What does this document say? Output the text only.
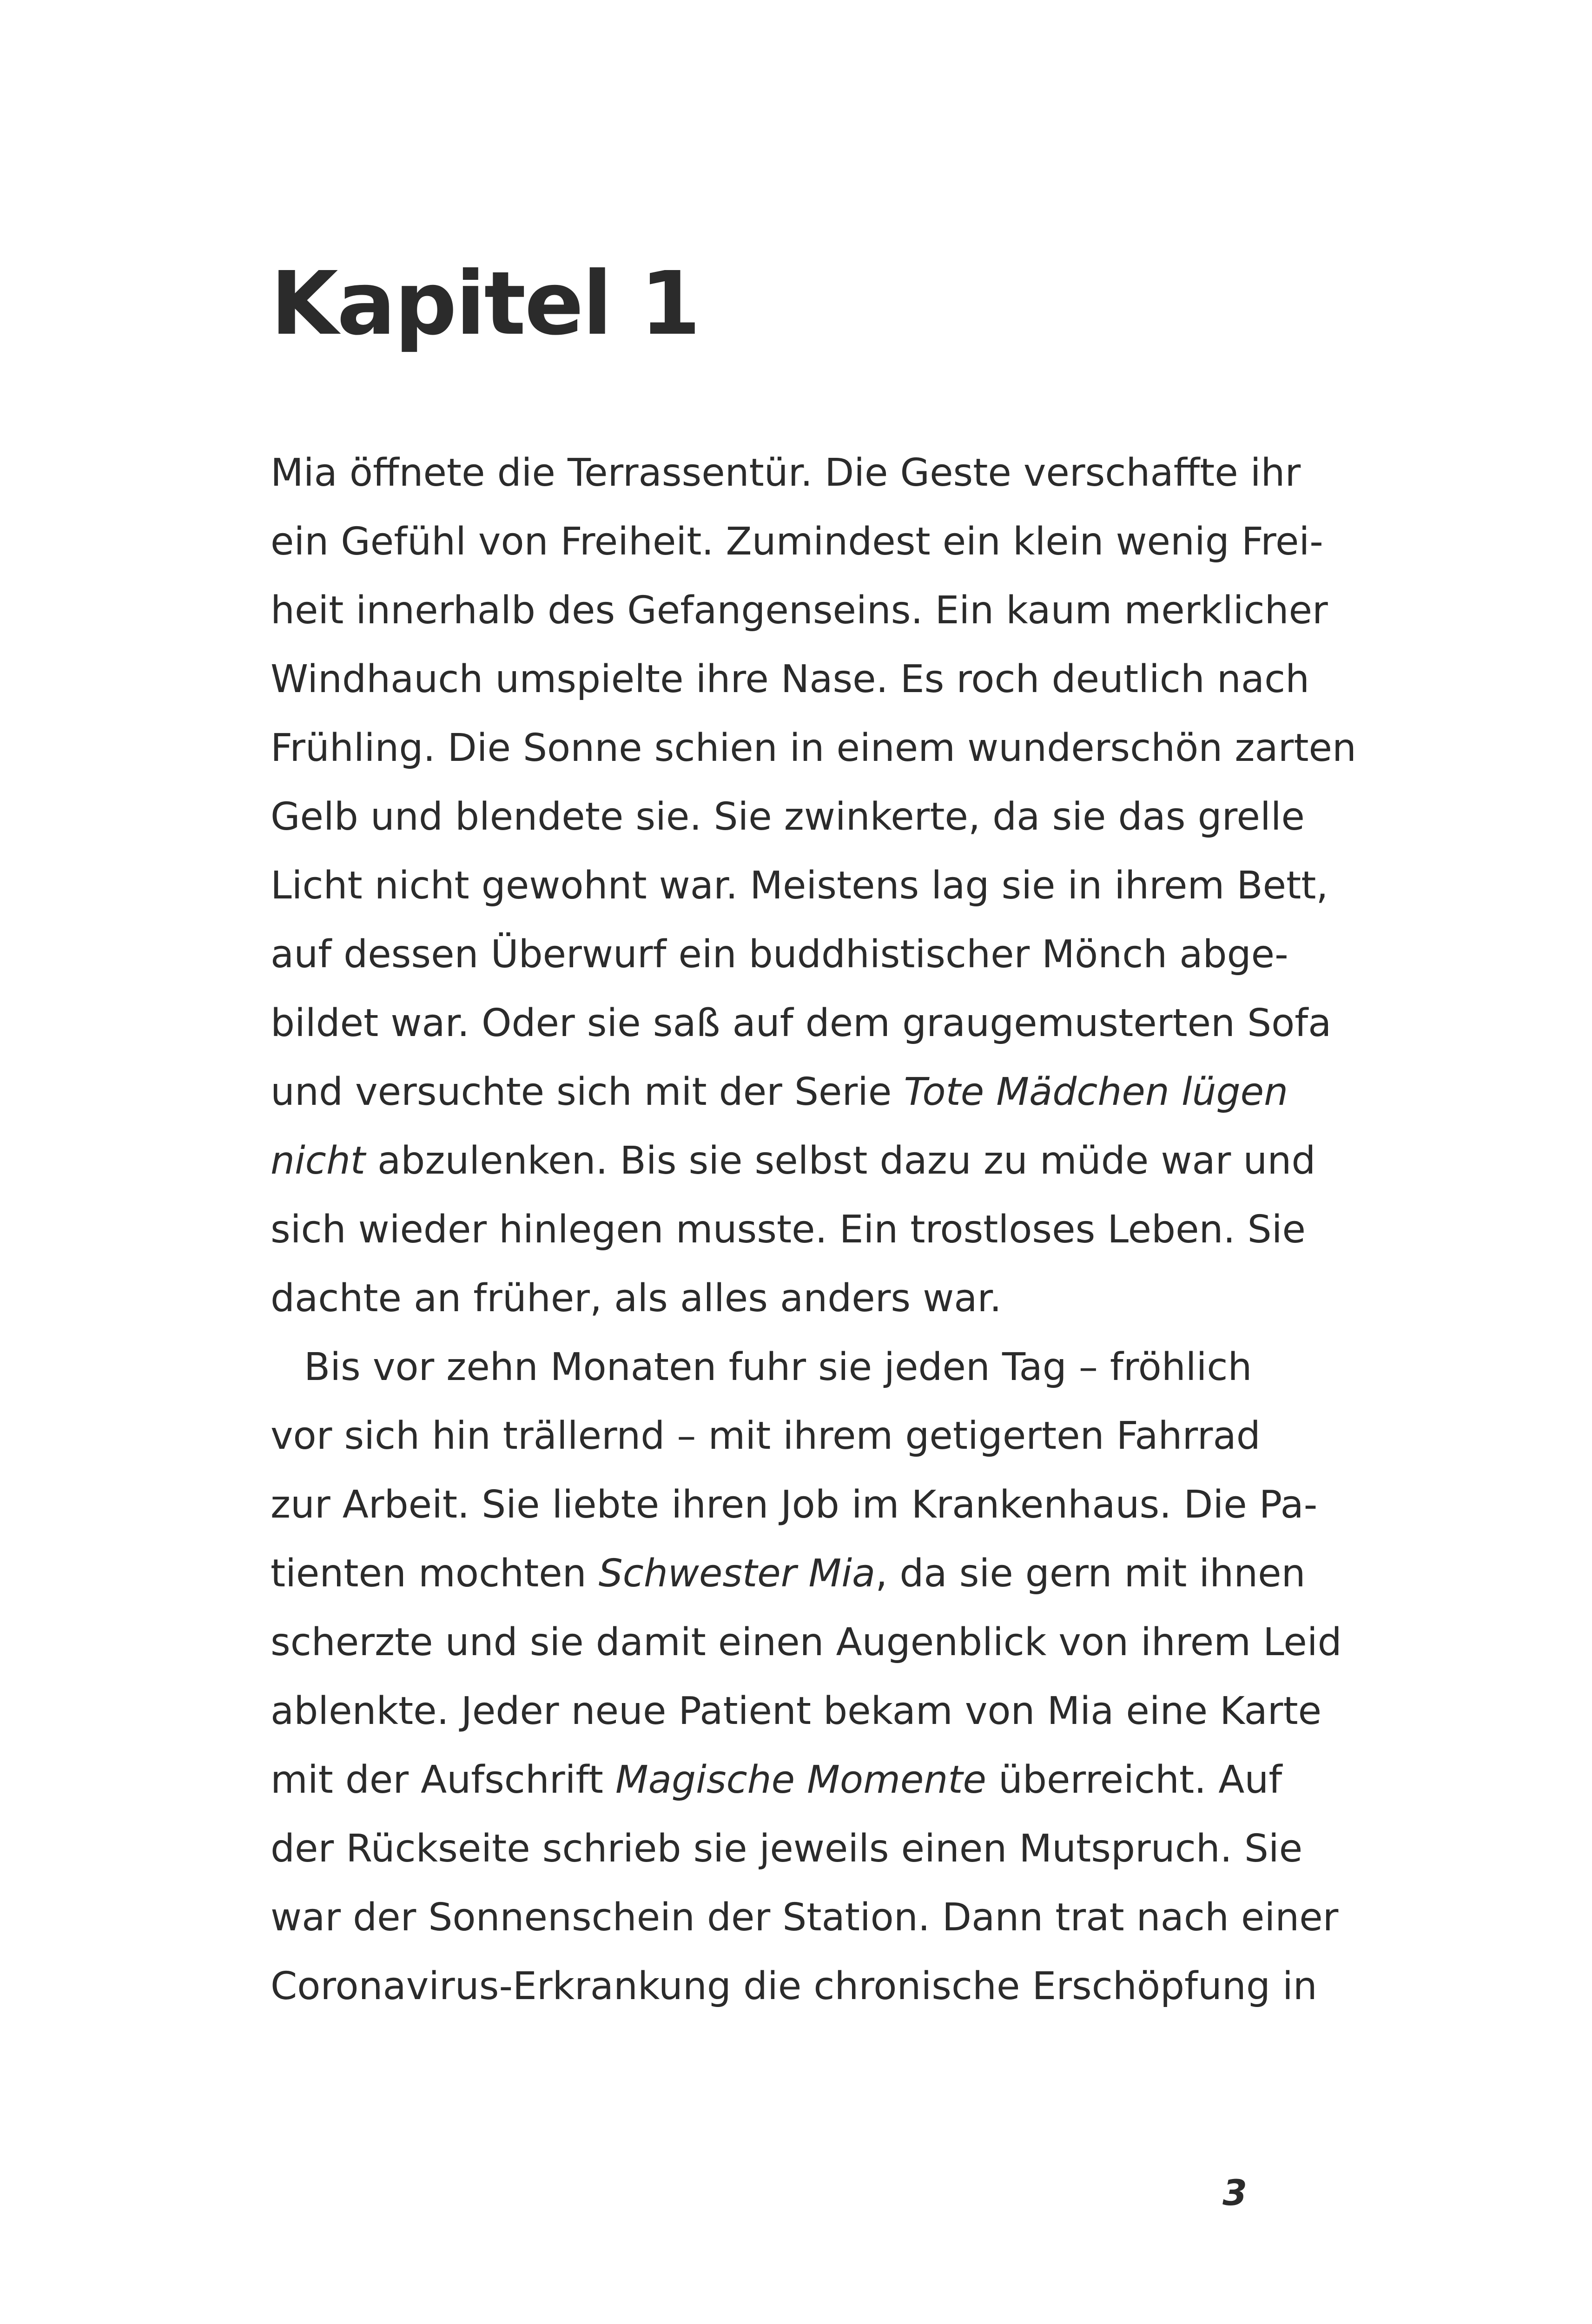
Kapitel 1
Mia öffnete die Terrassentür. Die Geste verschaffte ihr
ein Gefühl von Freiheit. Zumindest ein klein wenig Frei-
heit innerhalb des Gefangenseins. Ein kaum merklicher
Windhauch umspielte ihre Nase. Es roch deutlich nach
Frühling. Die Sonne schien in einem wunderschön zarten
Gelb und blendete sie. Sie zwinkerte, da sie das grelle
Licht nicht gewohnt war. Meistens lag sie in ihrem Bett,
auf dessen Überwurf ein buddhistischer Mönch abge-
bildet war. Oder sie saß auf dem graugemusterten Sofa
und versuchte sich mit der Serie Tote Mädchen lügen
nicht abzulenken. Bis sie selbst dazu zu müde war und
sich wieder hinlegen musste. Ein trostloses Leben. Sie
dachte an früher, als alles anders war.
Bis vor zehn Monaten fuhr sie jeden Tag – fröhlich
vor sich hin trällernd – mit ihrem getigerten Fahrrad
zur Arbeit. Sie liebte ihren Job im Krankenhaus. Die Pa-
tienten mochten Schwester Mia, da sie gern mit ihnen
scherzte und sie damit einen Augenblick von ihrem Leid
ablenkte. Jeder neue Patient bekam von Mia eine Karte
mit der Aufschrift Magische Momente überreicht. Auf
der Rückseite schrieb sie jeweils einen Mutspruch. Sie
war der Sonnenschein der Station. Dann trat nach einer
Coronavirus-Erkrankung die chronische Erschöpfung in
3
